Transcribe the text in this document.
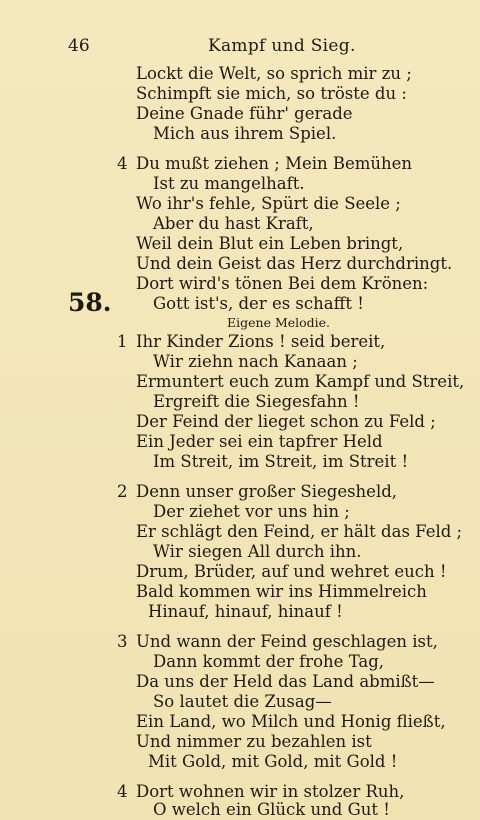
46	Kampf und Sieg.
Lockt die Welt, so sprich mir zu ;
Schimpft sie mich, so tröste du :
Deine Gnade führ' gerade
Mich aus ihrem Spiel.
4 Du mußt ziehen ; Mein Bemühen
Ist zu mangelhaft.
Wo ihr's fehle, Spürt die Seele ;
Aber du hast Kraft,
Weil dein Blut ein Leben bringt,
Und dein Geist das Herz durchdringt.
Dort wird's tönen Bei dem Krönen:
Gott ist's, der es schafft !
58.
Eigene Melodie.
1 Ihr Kinder Zions ! seid bereit,
Wir ziehn nach Kanaan ;
Ermuntert euch zum Kampf und Streit,
Ergreift die Siegesfahn !
Der Feind der lieget schon zu Feld ;
Ein Jeder sei ein tapfrer Held
Im Streit, im Streit, im Streit !
2 Denn unser großer Siegesheld,
Der ziehet vor uns hin ;
Er schlägt den Feind, er hält das Feld ;
Wir siegen All durch ihn.
Drum, Brüder, auf und wehret euch !
Bald kommen wir ins Himmelreich
Hinauf, hinauf, hinauf !
3 Und wann der Feind geschlagen ist,
Dann kommt der frohe Tag,
Da uns der Held das Land abmißt—
So lautet die Zusag—
Ein Land, wo Milch und Honig fließt,
Und nimmer zu bezahlen ist
Mit Gold, mit Gold, mit Gold !
4 Dort wohnen wir in stolzer Ruh,
O welch ein Glück und Gut !
